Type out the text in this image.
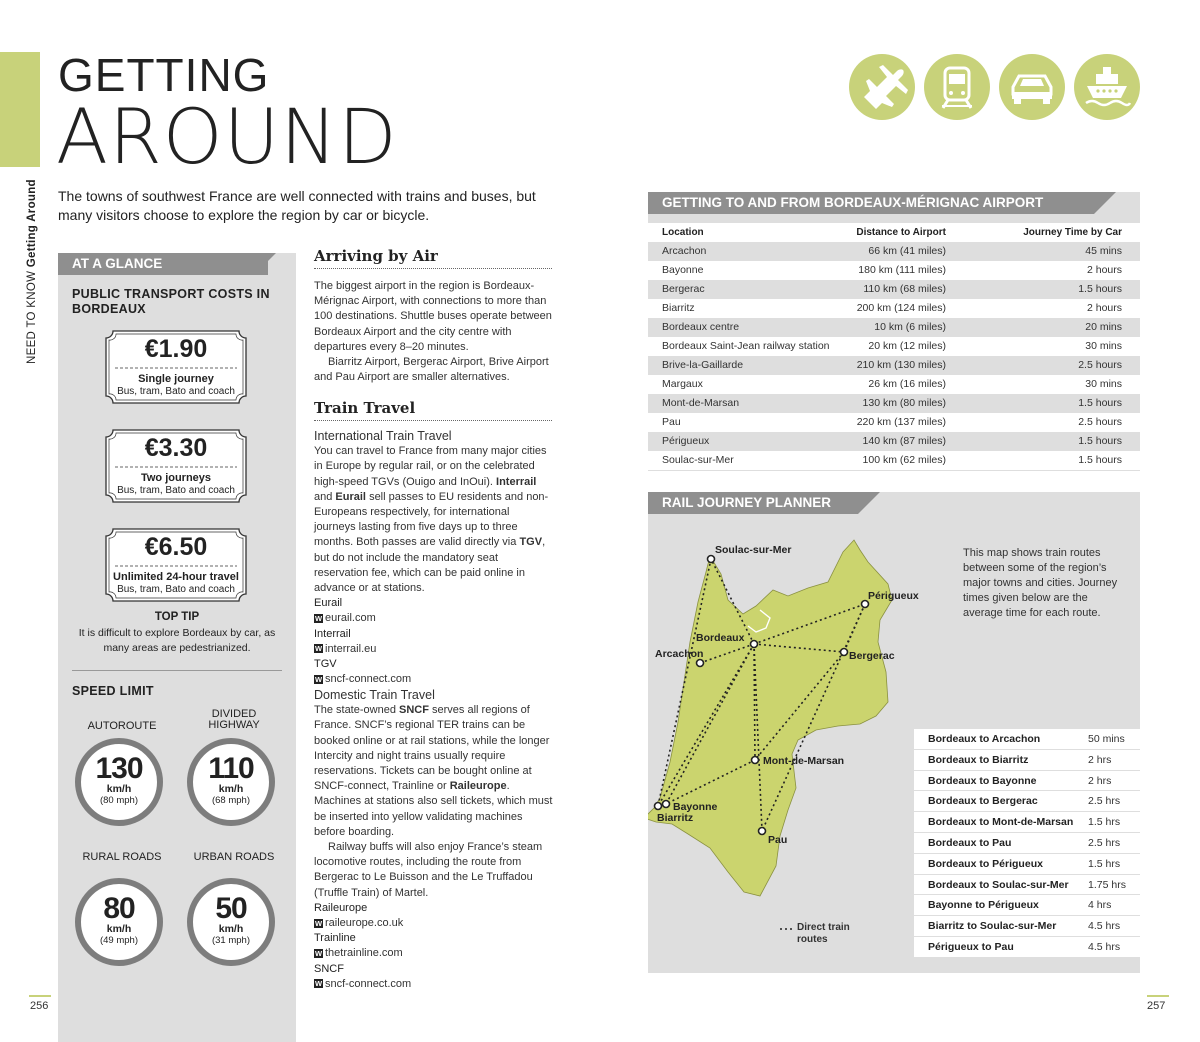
NEED TO KNOW Getting Around
GETTING
AROUND
The towns of southwest France are well connected with trains and buses, but many visitors choose to explore the region by car or bicycle.
AT A GLANCE
PUBLIC TRANSPORT COSTS IN BORDEAUX
€1.90
Single journey
Bus, tram, Bato and coach
€3.30
Two journeys
Bus, tram, Bato and coach
€6.50
Unlimited 24-hour travel
Bus, tram, Bato and coach
TOP TIP
It is difficult to explore Bordeaux by car, as many areas are pedestrianized.
SPEED LIMIT
AUTOROUTE
DIVIDED HIGHWAY
130
km/h
(80 mph)
110
km/h
(68 mph)
RURAL ROADS	URBAN ROADS
80
km/h
(49 mph)
50
km/h
(31 mph)
256
Arriving by Air
The biggest airport in the region is Bordeaux-Mérignac Airport, with connections to more than 100 destinations. Shuttle buses operate between Bordeaux Airport and the city centre with departures every 8–20 minutes.
Biarritz Airport, Bergerac Airport, Brive Airport and Pau Airport are smaller alternatives.
Train Travel
International Train Travel
You can travel to France from many major cities in Europe by regular rail, or on the celebrated high-speed TGVs (Ouigo and InOui). Interrail and Eurail sell passes to EU residents and non-Europeans respectively, for international journeys lasting from five days up to three months. Both passes are valid directly via TGV, but do not include the mandatory seat reservation fee, which can be paid online in advance or at stations.
Eurail
W eurail.com
Interrail
W interrail.eu
TGV
W sncf-connect.com
Domestic Train Travel
The state-owned SNCF serves all regions of France. SNCF’s regional TER trains can be booked online or at rail stations, while the longer Intercity and night trains usually require reservations. Tickets can be bought online at SNCF-connect, Trainline or Raileurope. Machines at stations also sell tickets, which must be inserted into yellow validating machines before boarding.
Railway buffs will also enjoy France’s steam locomotive routes, including the route from Bergerac to Le Buisson and the Le Truffadou (Truffle Train) of Martel.
Raileurope
W raileurope.co.uk
Trainline
W thetrainline.com
SNCF
W sncf-connect.com
GETTING TO AND FROM BORDEAUX-MÉRIGNAC AIRPORT
Location	Distance to Airport	Journey Time by Car
Arcachon	66 km (41 miles)	45 mins
Bayonne	180 km (111 miles)	2 hours
Bergerac	110 km (68 miles)	1.5 hours
Biarritz	200 km (124 miles)	2 hours
Bordeaux centre	10 km (6 miles)	20 mins
Bordeaux Saint-Jean railway station	20 km (12 miles)	30 mins
Brive-la-Gaillarde	210 km (130 miles)	2.5 hours
Margaux	26 km (16 miles)	30 mins
Mont-de-Marsan	130 km (80 miles)	1.5 hours
Pau	220 km (137 miles)	2.5 hours
Périgueux	140 km (87 miles)	1.5 hours
Soulac-sur-Mer	100 km (62 miles)	1.5 hours
RAIL JOURNEY PLANNER
Soulac-sur-Mer
Périgueux
Bordeaux
Arcachon	Bergerac
Mont-de-Marsan
Bayonne
Biarritz
Pau
This map shows train routes between some of the region’s major towns and cities. Journey times given below are the average time for each route.
Direct train routes
Bordeaux to Arcachon	50 mins
Bordeaux to Biarritz	2 hrs
Bordeaux to Bayonne	2 hrs
Bordeaux to Bergerac	2.5 hrs
Bordeaux to Mont-de-Marsan 1.5 hrs
Bordeaux to Pau	2.5 hrs
Bordeaux to Périgueux	1.5 hrs
Bordeaux to Soulac-sur-Mer 1.75 hrs
Bayonne to Périgueux	4 hrs
Biarritz to Soulac-sur-Mer	4.5 hrs
Périgueux to Pau	4.5 hrs
257
